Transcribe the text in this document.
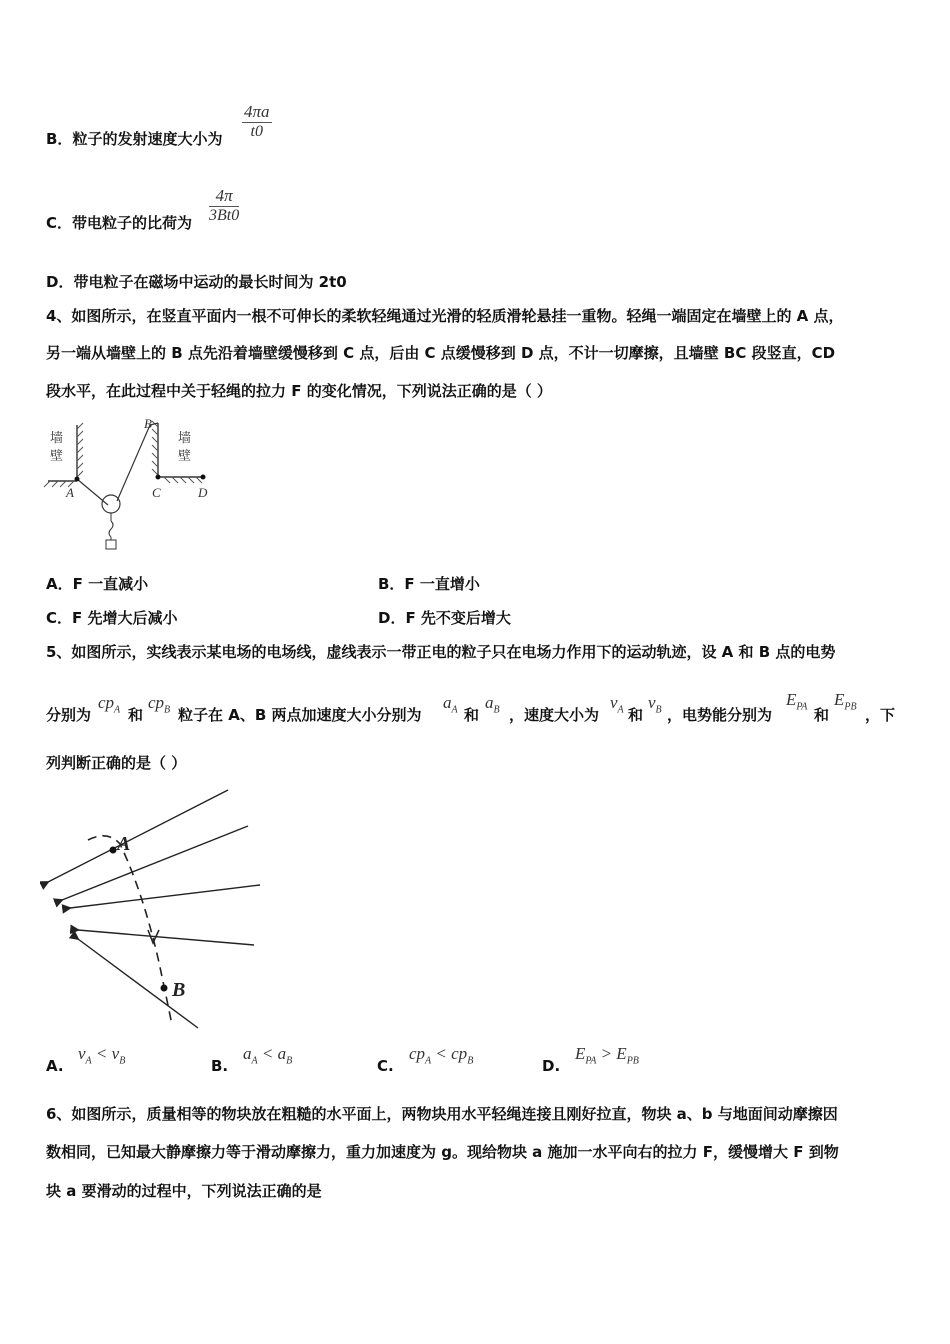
B．粒子的发射速度大小为 $\frac{4\pi a}{t0}$
C．带电粒子的比荷为 $\frac{4\pi}{3Bt0}$
D．带电粒子在磁场中运动的最长时间为 2t0
4、如图所示，在竖直平面内一根不可伸长的柔软轻绳通过光滑的轻质滑轮悬挂一重物。轻绳一端固定在墙壁上的 A 点，
另一端从墙壁上的 B 点先沿着墙壁缓慢移到 C 点，后由 C 点缓慢移到 D 点，不计一切摩擦，且墙壁 BC 段竖直，CD
段水平，在此过程中关于轻绳的拉力 F 的变化情况，下列说法正确的是（ ）
墙
壁
墙
壁
A
B
C	D
A．F 一直减小	B．F 一直增小
C．F 先增大后减小	D．F 先不变后增大
5、如图所示，实线表示某电场的电场线，虚线表示一带正电的粒子只在电场力作用下的运动轨迹，设 A 和 B 点的电势
分别为
$cp_A$ 和
$cp_B$ 粒子在 A、B 两点加速度大小分别为
$a_A$ 和
$a_B$ ，速度大小为
$v_A$ 和
$v_B$ ，电势能分别为
$E_{PA}$ 和
$E_{PB}$ ，下
列判断正确的是（ ）
A
B
A.
$v_A < v_B$	B.
$a_A < a_B$	C.
$cp_A < cp_B$	D.
$E_{PA} > E_{PB}$
6、如图所示，质量相等的物块放在粗糙的水平面上，两物块用水平轻绳连接且刚好拉直，物块 a、b 与地面间动摩擦因
数相同，已知最大静摩擦力等于滑动摩擦力，重力加速度为 g。现给物块 a 施加一水平向右的拉力 F，缓慢增大 F 到物
块 a 要滑动的过程中，下列说法正确的是
